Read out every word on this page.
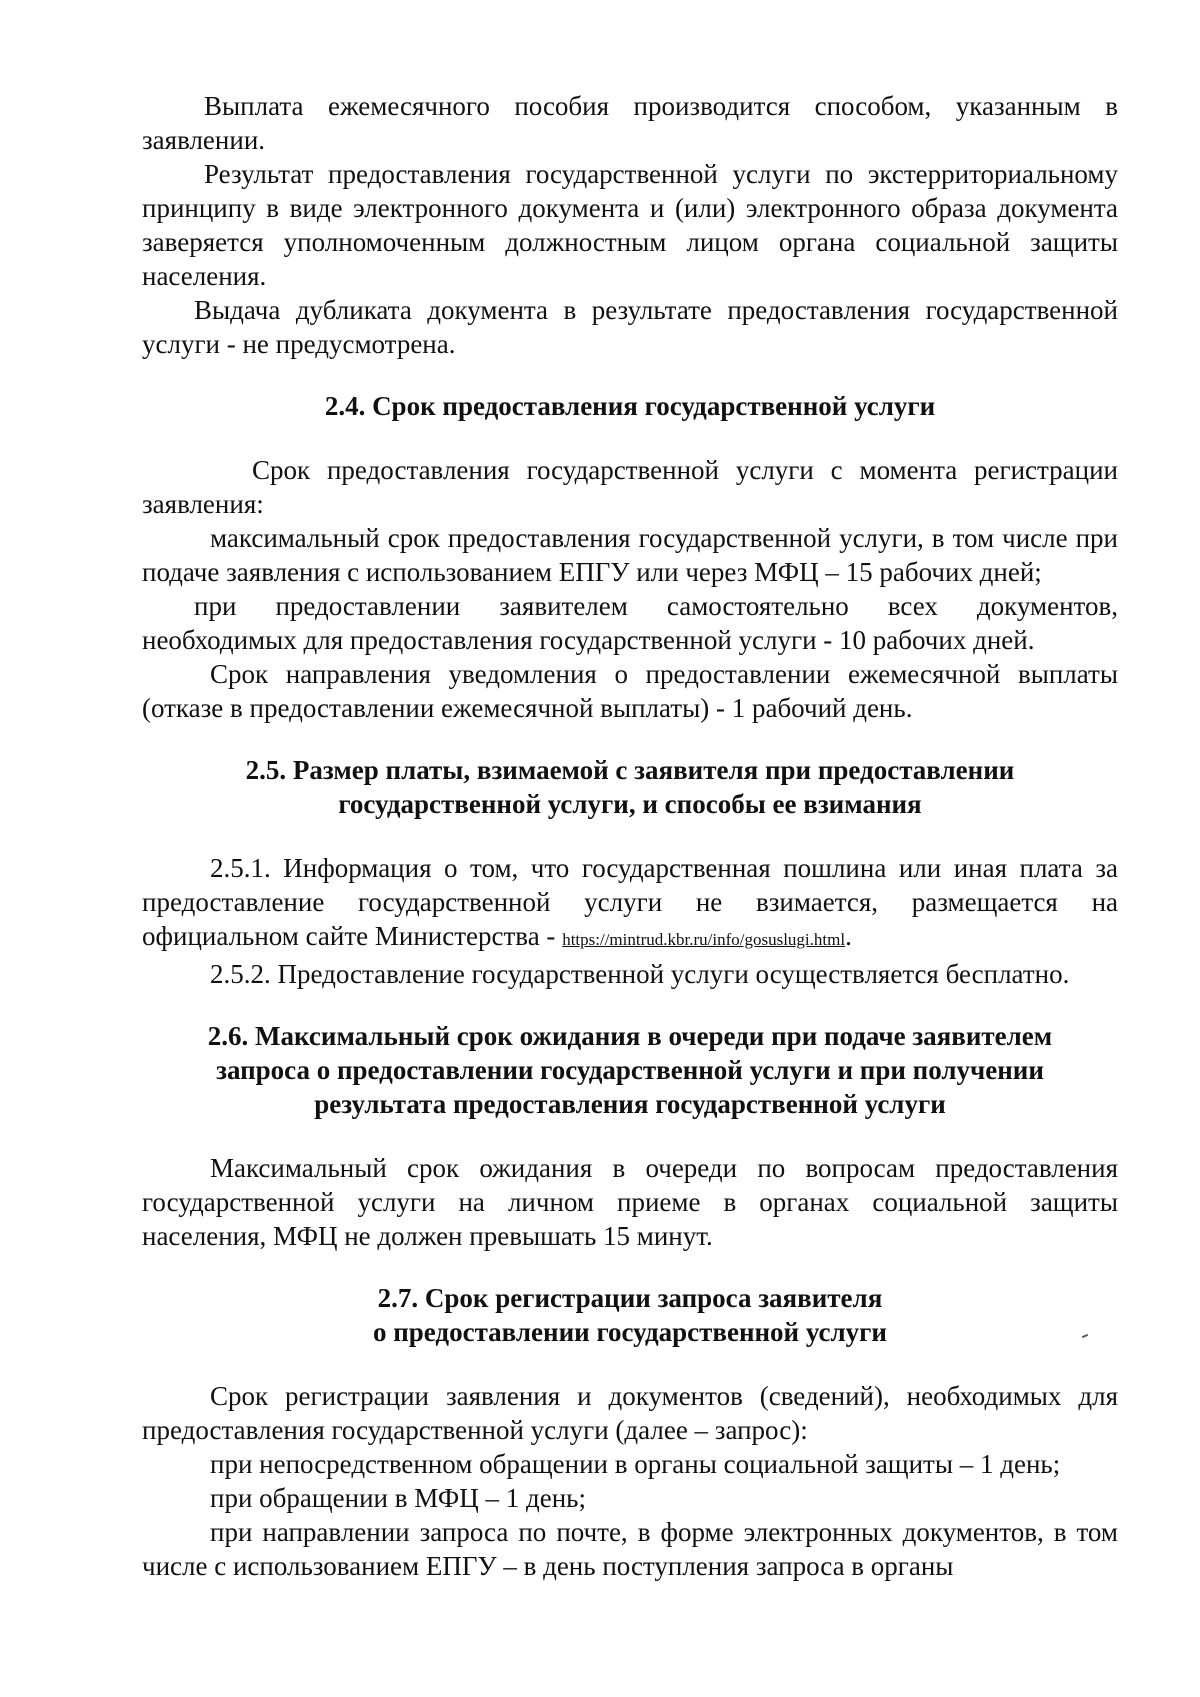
Выплата ежемесячного пособия производится способом, указанным в заявлении.

Результат предоставления государственной услуги по экстерриториальному принципу в виде электронного документа и (или) электронного образа документа заверяется уполномоченным должностным лицом органа социальной защиты населения.

Выдача дубликата документа в результате предоставления государственной услуги - не предусмотрена.

2.4. Срок предоставления государственной услуги

Срок предоставления государственной услуги с момента регистрации заявления:

максимальный срок предоставления государственной услуги, в том числе при подаче заявления с использованием ЕПГУ или через МФЦ – 15 рабочих дней;

при предоставлении заявителем самостоятельно всех документов, необходимых для предоставления государственной услуги - 10 рабочих дней.

Срок направления уведомления о предоставлении ежемесячной выплаты (отказе в предоставлении ежемесячной выплаты) - 1 рабочий день.

2.5. Размер платы, взимаемой с заявителя при предоставлении
государственной услуги, и способы ее взимания

2.5.1. Информация о том, что государственная пошлина или иная плата за предоставление государственной услуги не взимается, размещается на официальном сайте Министерства - https://mintrud.kbr.ru/info/gosuslugi.html.

2.5.2. Предоставление государственной услуги осуществляется бесплатно.

2.6. Максимальный срок ожидания в очереди при подаче заявителем
запроса о предоставлении государственной услуги и при получении
результата предоставления государственной услуги

Максимальный срок ожидания в очереди по вопросам предоставления государственной услуги на личном приеме в органах социальной защиты населения, МФЦ не должен превышать 15 минут.

2.7. Срок регистрации запроса заявителя
о предоставлении государственной услуги

Срок регистрации заявления и документов (сведений), необходимых для предоставления государственной услуги (далее – запрос):

при непосредственном обращении в органы социальной защиты – 1 день;

при обращении в МФЦ – 1 день;

при направлении запроса по почте, в форме электронных документов, в том числе с использованием ЕПГУ – в день поступления запроса в органы
